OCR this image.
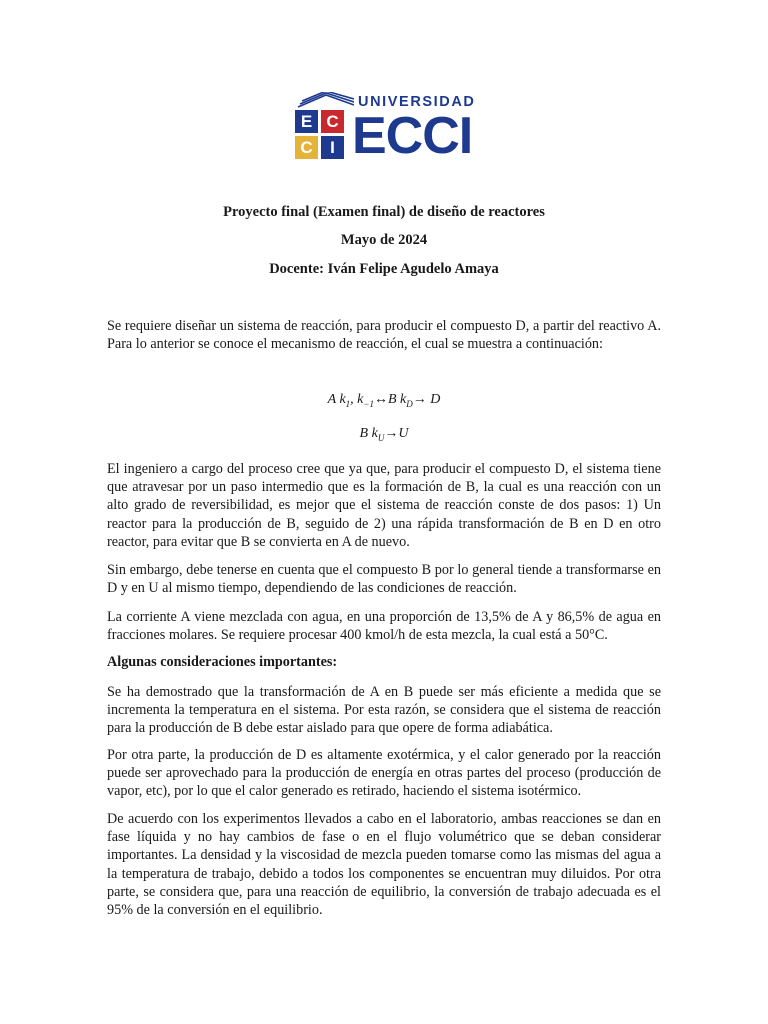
E C
C	I
UNIVERSIDAD
ECCI
Proyecto final (Examen final) de diseño de reactores
Mayo de 2024
Docente: Iván Felipe Agudelo Amaya

Se requiere diseñar un sistema de reacción, para producir el compuesto D, a partir del reactivo A. Para lo anterior se conoce el mecanismo de reacción, el cual se muestra a continuación:

A $k_1$, $k_{-1}\leftrightarrow B$ $k_D\to D$
B $k_U\to U$

El ingeniero a cargo del proceso cree que ya que, para producir el compuesto D, el sistema tiene que atravesar por un paso intermedio que es la formación de B, la cual es una reacción con un alto grado de reversibilidad, es mejor que el sistema de reacción conste de dos pasos: 1) Un reactor para la producción de B, seguido de 2) una rápida transformación de B en D en otro reactor, para evitar que B se convierta en A de nuevo.

Sin embargo, debe tenerse en cuenta que el compuesto B por lo general tiende a transformarse en D y en U al mismo tiempo, dependiendo de las condiciones de reacción.

La corriente A viene mezclada con agua, en una proporción de 13,5% de A y 86,5% de agua en fracciones molares. Se requiere procesar 400 kmol/h de esta mezcla, la cual está a 50°C.

Algunas consideraciones importantes:

Se ha demostrado que la transformación de A en B puede ser más eficiente a medida que se incrementa la temperatura en el sistema. Por esta razón, se considera que el sistema de reacción para la producción de B debe estar aislado para que opere de forma adiabática.

Por otra parte, la producción de D es altamente exotérmica, y el calor generado por la reacción puede ser aprovechado para la producción de energía en otras partes del proceso (producción de vapor, etc), por lo que el calor generado es retirado, haciendo el sistema isotérmico.

De acuerdo con los experimentos llevados a cabo en el laboratorio, ambas reacciones se dan en fase líquida y no hay cambios de fase o en el flujo volumétrico que se deban considerar importantes. La densidad y la viscosidad de mezcla pueden tomarse como las mismas del agua a la temperatura de trabajo, debido a todos los componentes se encuentran muy diluidos. Por otra parte, se considera que, para una reacción de equilibrio, la conversión de trabajo adecuada es el 95% de la conversión en el equilibrio.
